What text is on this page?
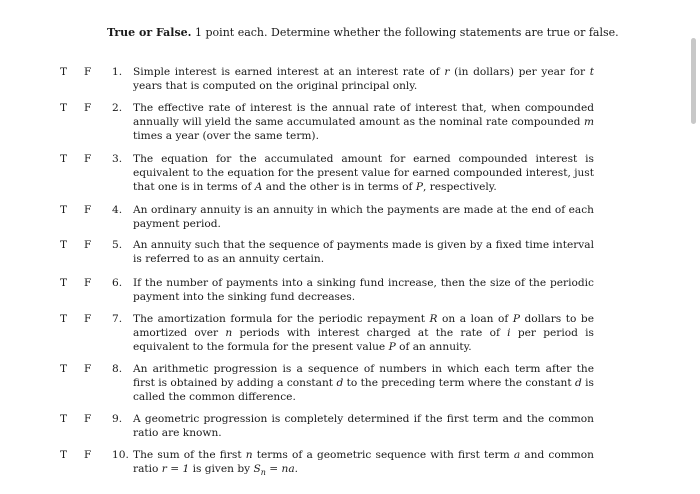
True or False. 1 point each. Determine whether the following statements are true or false.
T F	1. Simple interest is earned interest at an interest rate of r (in dollars) per year for t years that is computed on the original principal only.
T F	2. The effective rate of interest is the annual rate of interest that, when compounded annually will yield the same accumulated amount as the nominal rate compounded m times a year (over the same term).
T F	3. The equation for the accumulated amount for earned compounded interest is equivalent to the equation for the present value for earned compounded interest, just that one is in terms of A and the other is in terms of P, respectively.
T F	4. An ordinary annuity is an annuity in which the payments are made at the end of each payment period.
T F	5. An annuity such that the sequence of payments made is given by a fixed time interval is referred to as an annuity certain.
T F	6. If the number of payments into a sinking fund increase, then the size of the periodic payment into the sinking fund decreases.
T F	7. The amortization formula for the periodic repayment R on a loan of P dollars to be amortized over n periods with interest charged at the rate of i per period is equivalent to the formula for the present value P of an annuity.
T F	8. An arithmetic progression is a sequence of numbers in which each term after the first is obtained by adding a constant d to the preceding term where the constant d is called the common difference.
T F	9. A geometric progression is completely determined if the first term and the common ratio are known.
T F	10. The sum of the first n terms of a geometric sequence with first term a and common ratio r = 1 is given by $S_n$ = na.
